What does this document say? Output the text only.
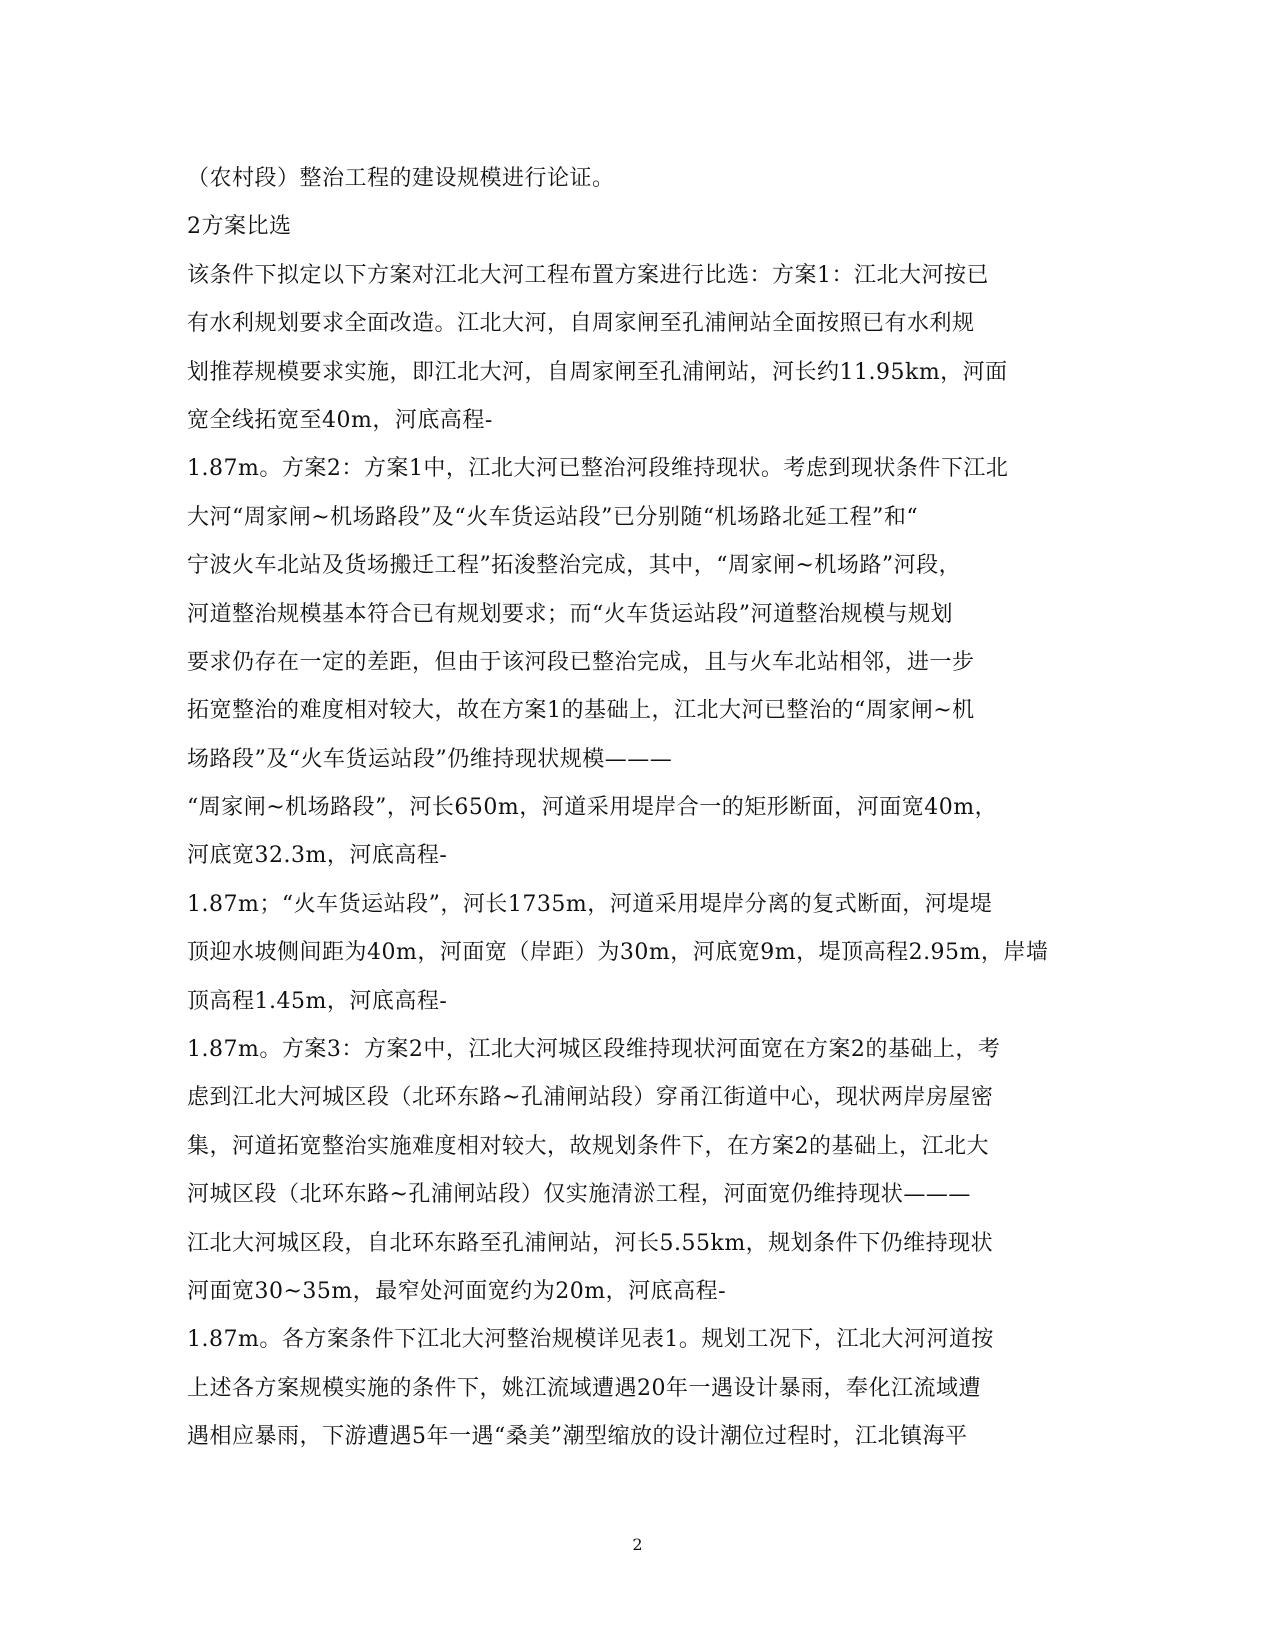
（农村段）整治工程的建设规模进行论证。
2方案比选
该条件下拟定以下方案对江北大河工程布置方案进行比选：方案1：江北大河按已
有水利规划要求全面改造。江北大河，自周家闸至孔浦闸站全面按照已有水利规
划推荐规模要求实施，即江北大河，自周家闸至孔浦闸站，河长约11.95km，河面
宽全线拓宽至40m，河底高程-
1.87m。方案2：方案1中，江北大河已整治河段维持现状。考虑到现状条件下江北
大河“周家闸~机场路段”及“火车货运站段”已分别随“机场路北延工程”和“
宁波火车北站及货场搬迁工程”拓浚整治完成，其中，“周家闸~机场路”河段，
河道整治规模基本符合已有规划要求；而“火车货运站段”河道整治规模与规划
要求仍存在一定的差距，但由于该河段已整治完成，且与火车北站相邻，进一步
拓宽整治的难度相对较大，故在方案1的基础上，江北大河已整治的“周家闸~机
场路段”及“火车货运站段”仍维持现状规模———
“周家闸~机场路段”，河长650m，河道采用堤岸合一的矩形断面，河面宽40m，
河底宽32.3m，河底高程-
1.87m；“火车货运站段”，河长1735m，河道采用堤岸分离的复式断面，河堤堤
顶迎水坡侧间距为40m，河面宽（岸距）为30m，河底宽9m，堤顶高程2.95m，岸墙
顶高程1.45m，河底高程-
1.87m。方案3：方案2中，江北大河城区段维持现状河面宽在方案2的基础上，考
虑到江北大河城区段（北环东路~孔浦闸站段）穿甬江街道中心，现状两岸房屋密
集，河道拓宽整治实施难度相对较大，故规划条件下，在方案2的基础上，江北大
河城区段（北环东路~孔浦闸站段）仅实施清淤工程，河面宽仍维持现状———
江北大河城区段，自北环东路至孔浦闸站，河长5.55km，规划条件下仍维持现状
河面宽30~35m，最窄处河面宽约为20m，河底高程-
1.87m。各方案条件下江北大河整治规模详见表1。规划工况下，江北大河河道按
上述各方案规模实施的条件下，姚江流域遭遇20年一遇设计暴雨，奉化江流域遭
遇相应暴雨，下游遭遇5年一遇“桑美”潮型缩放的设计潮位过程时，江北镇海平
2
